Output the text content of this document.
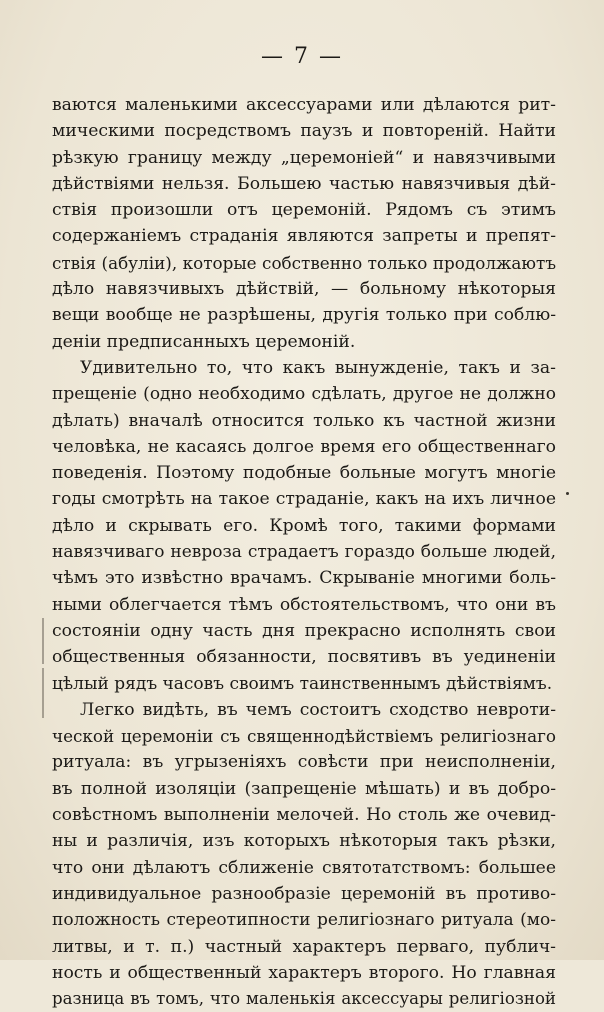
— 7 —
ваются маленькими аксессуарами или дѣлаются рит-
мическими посредствомъ паузъ и повтореній. Найти
рѣзкую границу между „церемоніей“ и навязчивыми
дѣйствіями нельзя. Большею частью навязчивыя дѣй-
ствія произошли отъ церемоній. Рядомъ съ этимъ
содержаніемъ страданія являются запреты и препят-
ствія (абуліи), которые собственно только продолжаютъ
дѣло навязчивыхъ дѣйствій, — больному нѣкоторыя
вещи вообще не разрѣшены, другія только при соблю-
деніи предписанныхъ церемоній.
Удивительно то, что какъ вынужденіе, такъ и за-
прещеніе (одно необходимо сдѣлать, другое не должно
дѣлать) вначалѣ относится только къ частной жизни
человѣка, не касаясь долгое время его общественнаго
поведенія. Поэтому подобные больные могутъ многіе
годы смотрѣть на такое страданіе, какъ на ихъ личное
дѣло и скрывать его. Кромѣ того, такими формами
навязчиваго невроза страдаетъ гораздо больше людей,
чѣмъ это извѣстно врачамъ. Скрываніе многими боль-
ными облегчается тѣмъ обстоятельствомъ, что они въ
состояніи одну часть дня прекрасно исполнять свои
общественныя обязанности, посвятивъ въ уединеніи
цѣлый рядъ часовъ своимъ таинственнымъ дѣйствіямъ.
Легко видѣть, въ чемъ состоитъ сходство невроти-
ческой церемоніи съ священнодѣйствіемъ религіознаго
ритуала: въ угрызеніяхъ совѣсти при неисполненіи,
въ полной изоляціи (запрещеніе мѣшать) и въ добро-
совѣстномъ выполненіи мелочей. Но столь же очевид-
ны и различія, изъ которыхъ нѣкоторыя такъ рѣзки,
что они дѣлаютъ сближеніе святотатствомъ: большее
индивидуальное разнообразіе церемоній въ противо-
положность стереотипности религіознаго ритуала (мо-
литвы, и т. п.) частный характеръ перваго, публич-
ность и общественный характеръ второго. Но главная
разница въ томъ, что маленькія аксессуары религіозной
